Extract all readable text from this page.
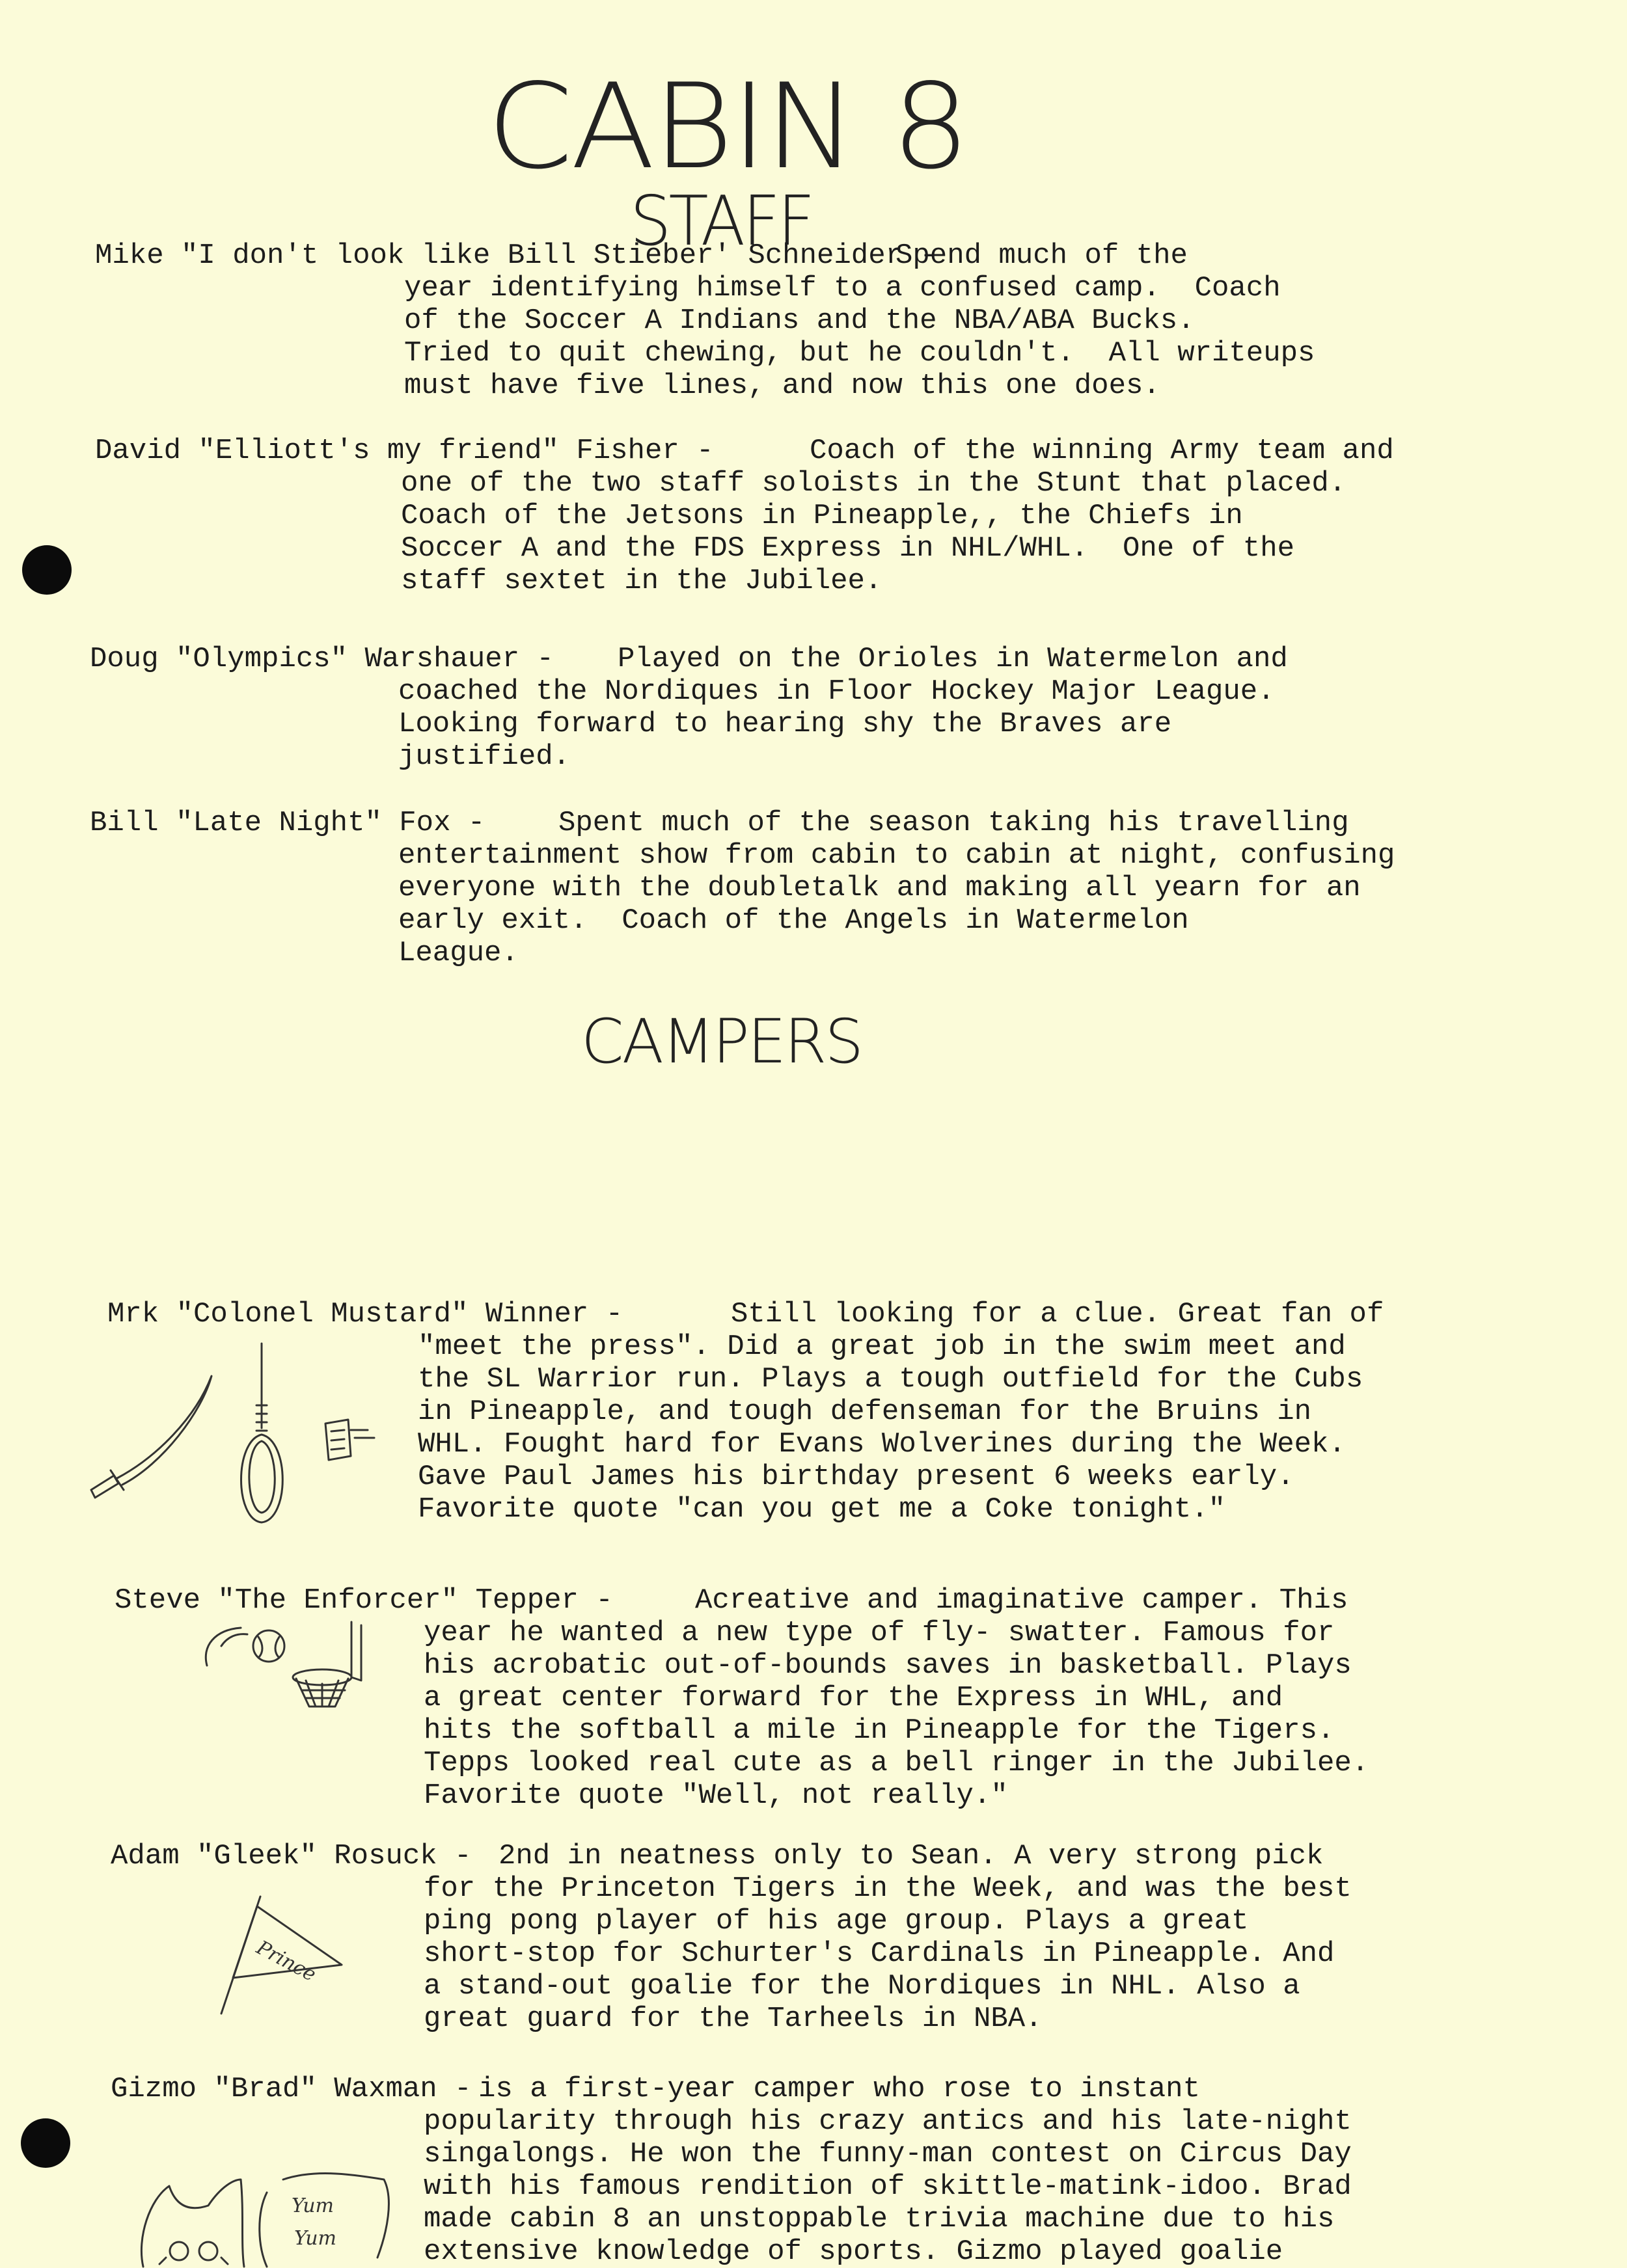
CABIN 8
STAFF
Mike "I don't look like Bill Stieber' Schneider -
Spend much of the
year identifying himself to a confused camp.  Coach
of the Soccer A Indians and the NBA/ABA Bucks.
Tried to quit chewing, but he couldn't.  All writeups
must have five lines, and now this one does.
David "Elliott's my friend" Fisher -	Coach of the winning Army team and
one of the two staff soloists in the Stunt that placed.
Coach of the Jetsons in Pineapple,, the Chiefs in
Soccer A and the FDS Express in NHL/WHL.  One of the
staff sextet in the Jubilee.
Doug "Olympics" Warshauer - Played on the Orioles in Watermelon and
coached the Nordiques in Floor Hockey Major League.
Looking forward to hearing shy the Braves are
justified.
Bill "Late Night" Fox -	Spent much of the season taking his travelling
entertainment show from cabin to cabin at night, confusing
everyone with the doubletalk and making all yearn for an
early exit.  Coach of the Angels in Watermelon
League.
CAMPERS
Mrk "Colonel Mustard" Winner -	Still looking for a clue. Great fan of
"meet the press". Did a great job in the swim meet and
the SL Warrior run. Plays a tough outfield for the Cubs
in Pineapple, and tough defenseman for the Bruins in
WHL. Fought hard for Evans Wolverines during the Week.
Gave Paul James his birthday present 6 weeks early.
Favorite quote "can you get me a Coke tonight."
Steve "The Enforcer" Tepper -	Acreative and imaginative camper. This
year he wanted a new type of fly- swatter. Famous for
his acrobatic out-of-bounds saves in basketball. Plays
a great center forward for the Express in WHL, and
hits the softball a mile in Pineapple for the Tigers.
Tepps looked real cute as a bell ringer in the Jubilee.
Favorite quote "Well, not really."
Adam "Gleek" Rosuck - 2nd in neatness only to Sean. A very strong pick
for the Princeton Tigers in the Week, and was the best
ping pong player of his age group. Plays a great
short-stop for Schurter's Cardinals in Pineapple. And
a stand-out goalie for the Nordiques in NHL. Also a
great guard for the Tarheels in NBA.
Gizmo "Brad" Waxman - is a first-year camper who rose to instant
popularity through his crazy antics and his late-night
singalongs. He won the funny-man contest on Circus Day
with his famous rendition of skittle-matink-idoo. Brad
made cabin 8 an unstoppable trivia machine due to his
extensive knowledge of sports. Gizmo played goalie
Prince
Yum
Yum
